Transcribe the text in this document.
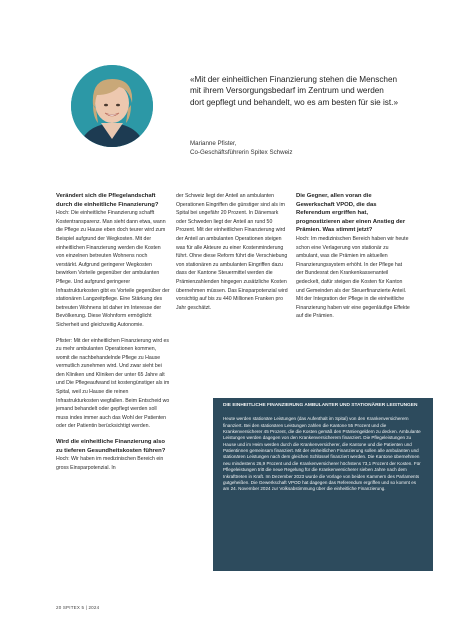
«Mit der einheitlichen Finanzierung stehen die Menschen mit ihrem Versorgungsbedarf im Zentrum und werden dort gepflegt und behandelt, wo es am besten für sie ist.»
Marianne Pfister,
Co-Geschäftsführerin Spitex Schweiz
Verändert sich die Pflegelandschaft durch die einheitliche Finanzierung?

Hoch: Die einheitliche Finanzierung schafft Kostentransparenz. Man sieht dann etwa, wann die Pflege zu Hause eben doch teurer wird zum Beispiel aufgrund der Wegkosten. Mit der einheitlichen Finanzierung werden die Kosten von einzelnen betreuten Wohnens noch verstärkt. Aufgrund geringerer Wegkosten bewirken Vorteile gegenüber der ambulanten Pflege. Und aufgrund geringerer Infrastrukturkosten gibt es Vorteile gegenüber der stationären Langzeitpflege. Eine Stärkung des betreuten Wohnens ist daher im Interesse der Bevölkerung. Diese Wohnform ermöglicht Sicherheit und gleichzeitig Autonomie.

Pfister: Mit der einheitlichen Finanzierung wird es zu mehr ambulanten Operationen kommen, womit die nachbehandelnde Pflege zu Hause vermutlich zunehmen wird. Und zwar sieht bei den Kliniken und Kliniken der unter 65 Jahre alt und Die Pflegeaufwand ist kostengünstiger als im Spital, weil zu Hause die reinen Infrastrukturkosten wegfallen. Beim Entscheid wo jemand behandelt oder gepflegt werden soll muss indes immer auch das Wohl der Patienten oder der Patientin berücksichtigt werden.

Wird die einheitliche Finanzierung also zu tieferen Gesundheitskosten führen?

Hoch: Wir haben im medizinischen Bereich ein gross Einsparpotenzial. In

der Schweiz liegt der Anteil an ambulanten Operationen Eingriffen die günstiger sind als im Spital bei ungefähr 20 Prozent. In Dänemark oder Schweden liegt der Anteil an rund 50 Prozent. Mit der einheitlichen Finanzierung wird der Anteil an ambulanten Operationen steigen was für alle Akteure zu einer Kostenminderung führt. Ohne diese Reform führt die Verschiebung von stationären zu ambulanten Eingriffen dazu dass der Kantone Steuermittel werden die Prämienzahlenden hingegen zusätzliche Kosten übernehmen müssen. Das Einsparpotenzial wird vorsichtig auf bis zu 440 Millionen Franken pro Jahr geschätzt.

Die Gegner, allen voran die Gewerkschaft VPOD, die das Referendum ergriffen hat, prognostizieren aber einen Anstieg der Prämien. Was stimmt jetzt?

Hoch: Im medizinischen Bereich haben wir heute schon eine Verlagerung von stationär zu ambulant, was die Prämien im aktuellen Finanzierungssystem erhöht. In der Pflege hat der Bundesrat den Krankenkassenanteil gedeckelt, dafür steigen die Kosten für Kanton und Gemeinden als der Steuerfinanzierte Anteil. Mit der Integration der Pflege in die einheitliche Finanzierung haben wir eine gegenläufige Effekte auf die Prämien.

DIE EINHEITLICHE FINANZIERUNG AMBULANTER UND STATIONÄRER LEISTUNGEN

Heute werden stationäre Leistungen (das Aufenthalt im Spital) von den Krankenversicherern finanziert. Bei den stationären Leistungen zahlen die Kantone 55 Prozent und die Krankenversicherer 45 Prozent, die die Kosten gemäß den Prämiengeldern zu decken. Ambulante Leistungen werden dagegen von den Krankenversicherern finanziert. Die Pflegeleistungen zu Hause und im Heim werden durch die Krankenversicherer, die Kantone und die Patienten und Patientinnen gemeinsam finanziert. Mit der einheitlichen Finanzierung sollen alle ambulanten und stationären Leistungen nach dem gleichen Schlüssel finanziert werden. Die Kantone übernehmen neu mindestens 26,9 Prozent und die Krankenversicherer höchstens 73,1 Prozent der Kosten. Für Pflegeleistungen tritt die neue Regelung für die Krankenversicherer sieben Jahre nach dem Inkrafttreten in Kraft. Im Dezember 2023 wurde die Vorlage von beiden Kammern des Parlaments gutgeheißen. Die Gewerkschaft VPOD hat dagegen das Referendum ergriffen und so kommt es am 24. November 2024 zur Volksabstimmung über die einheitliche Finanzierung.

20 SPITEX 5 | 2024
